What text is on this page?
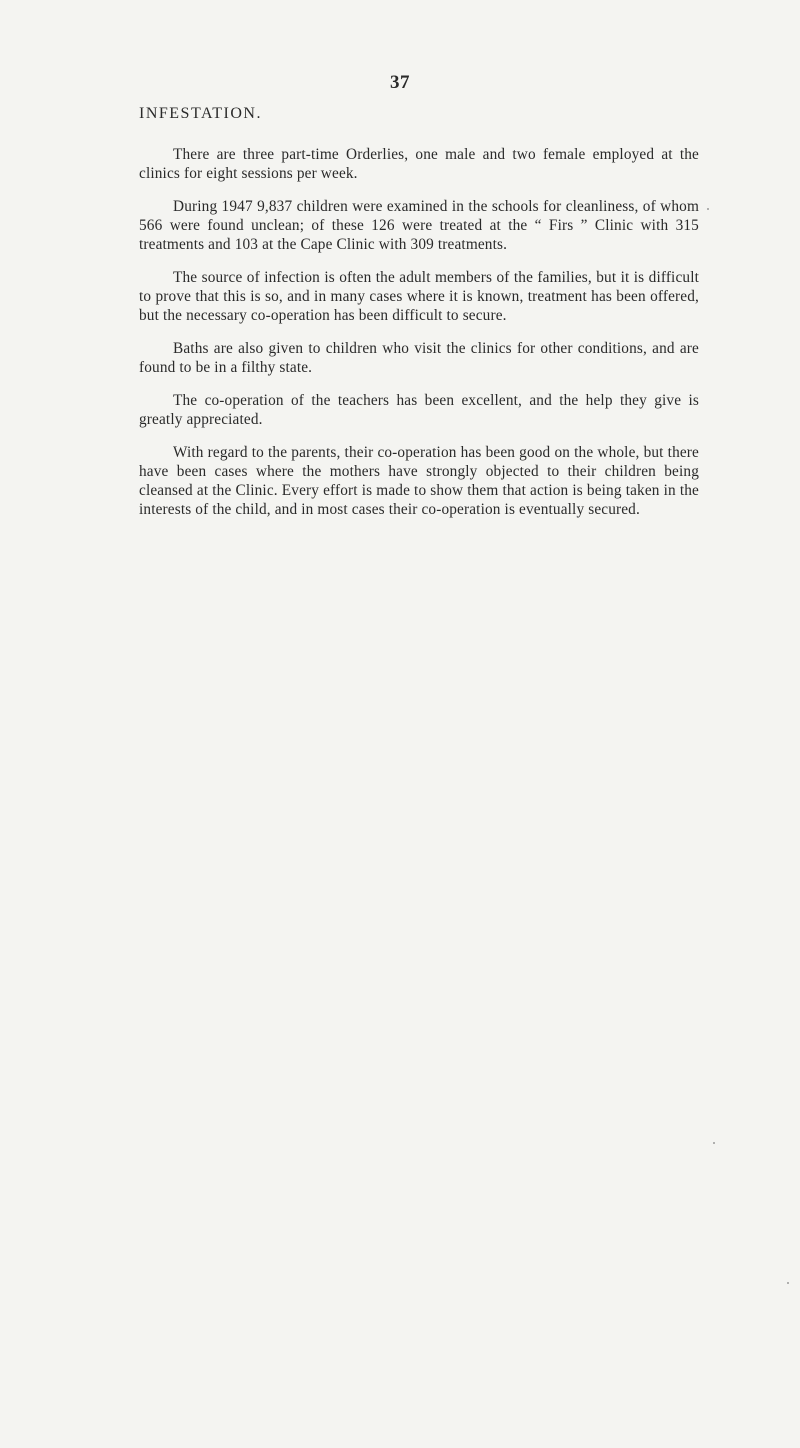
37
INFESTATION.

There are three part-time Orderlies, one male and two female employed at the clinics for eight sessions per week.

During 1947 9,837 children were examined in the schools for cleanliness, of whom 566 were found unclean; of these 126 were treated at the “ Firs ” Clinic with 315 treatments and 103 at the Cape Clinic with 309 treatments.

The source of infection is often the adult members of the families, but it is difficult to prove that this is so, and in many cases where it is known, treatment has been offered, but the necessary co-operation has been difficult to secure.

Baths are also given to children who visit the clinics for other conditions, and are found to be in a filthy state.

The co-operation of the teachers has been excellent, and the help they give is greatly appreciated.

With regard to the parents, their co-operation has been good on the whole, but there have been cases where the mothers have strongly objected to their children being cleansed at the Clinic. Every effort is made to show them that action is being taken in the interests of the child, and in most cases their co-operation is eventually secured.
